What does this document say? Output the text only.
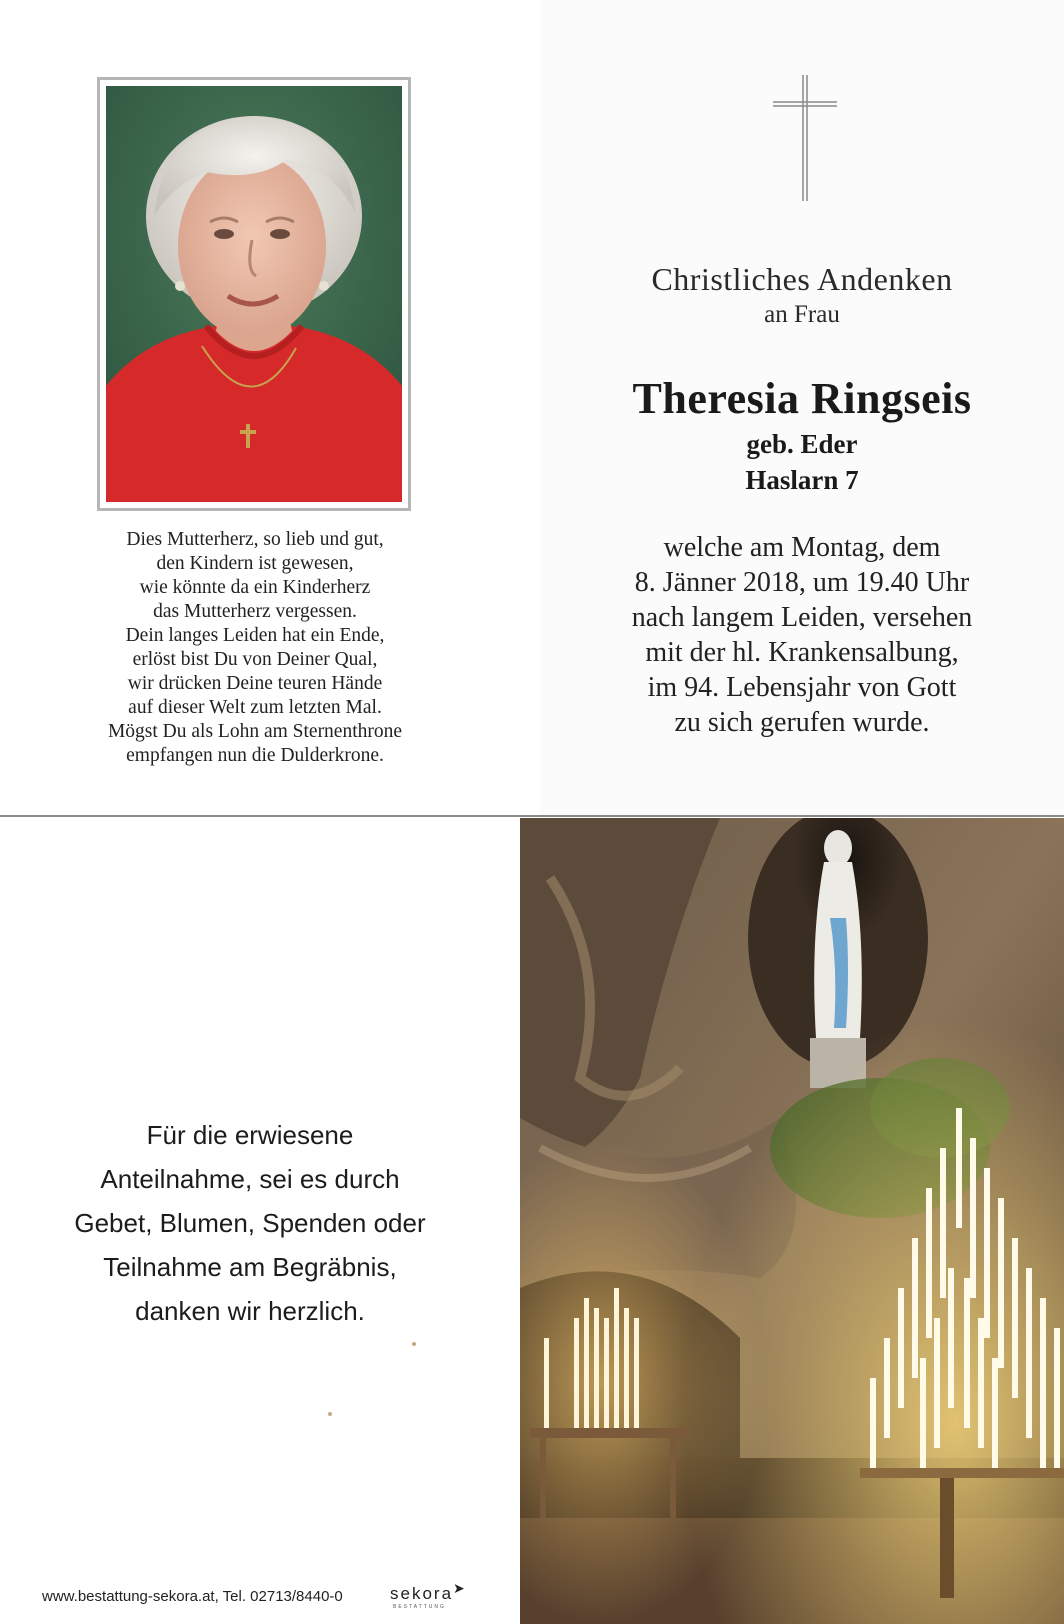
Dies Mutterherz, so lieb und gut,
den Kindern ist gewesen,
wie könnte da ein Kinderherz
das Mutterherz vergessen.
Dein langes Leiden hat ein Ende,
erlöst bist Du von Deiner Qual,
wir drücken Deine teuren Hände
auf dieser Welt zum letzten Mal.
Mögst Du als Lohn am Sternenthrone
empfangen nun die Dulderkrone.
Christliches Andenken
an Frau
Theresia Ringseis
geb. Eder
Haslarn 7
welche am Montag, dem
8. Jänner 2018, um 19.40 Uhr
nach langem Leiden, versehen
mit der hl. Krankensalbung,
im 94. Lebensjahr von Gott
zu sich gerufen wurde.
Für die erwiesene
Anteilnahme, sei es durch
Gebet, Blumen, Spenden oder
Teilnahme am Begräbnis,
danken wir herzlich.
www.bestattung-sekora.at, Tel. 02713/8440-0	sekora➤
BESTATTUNG
